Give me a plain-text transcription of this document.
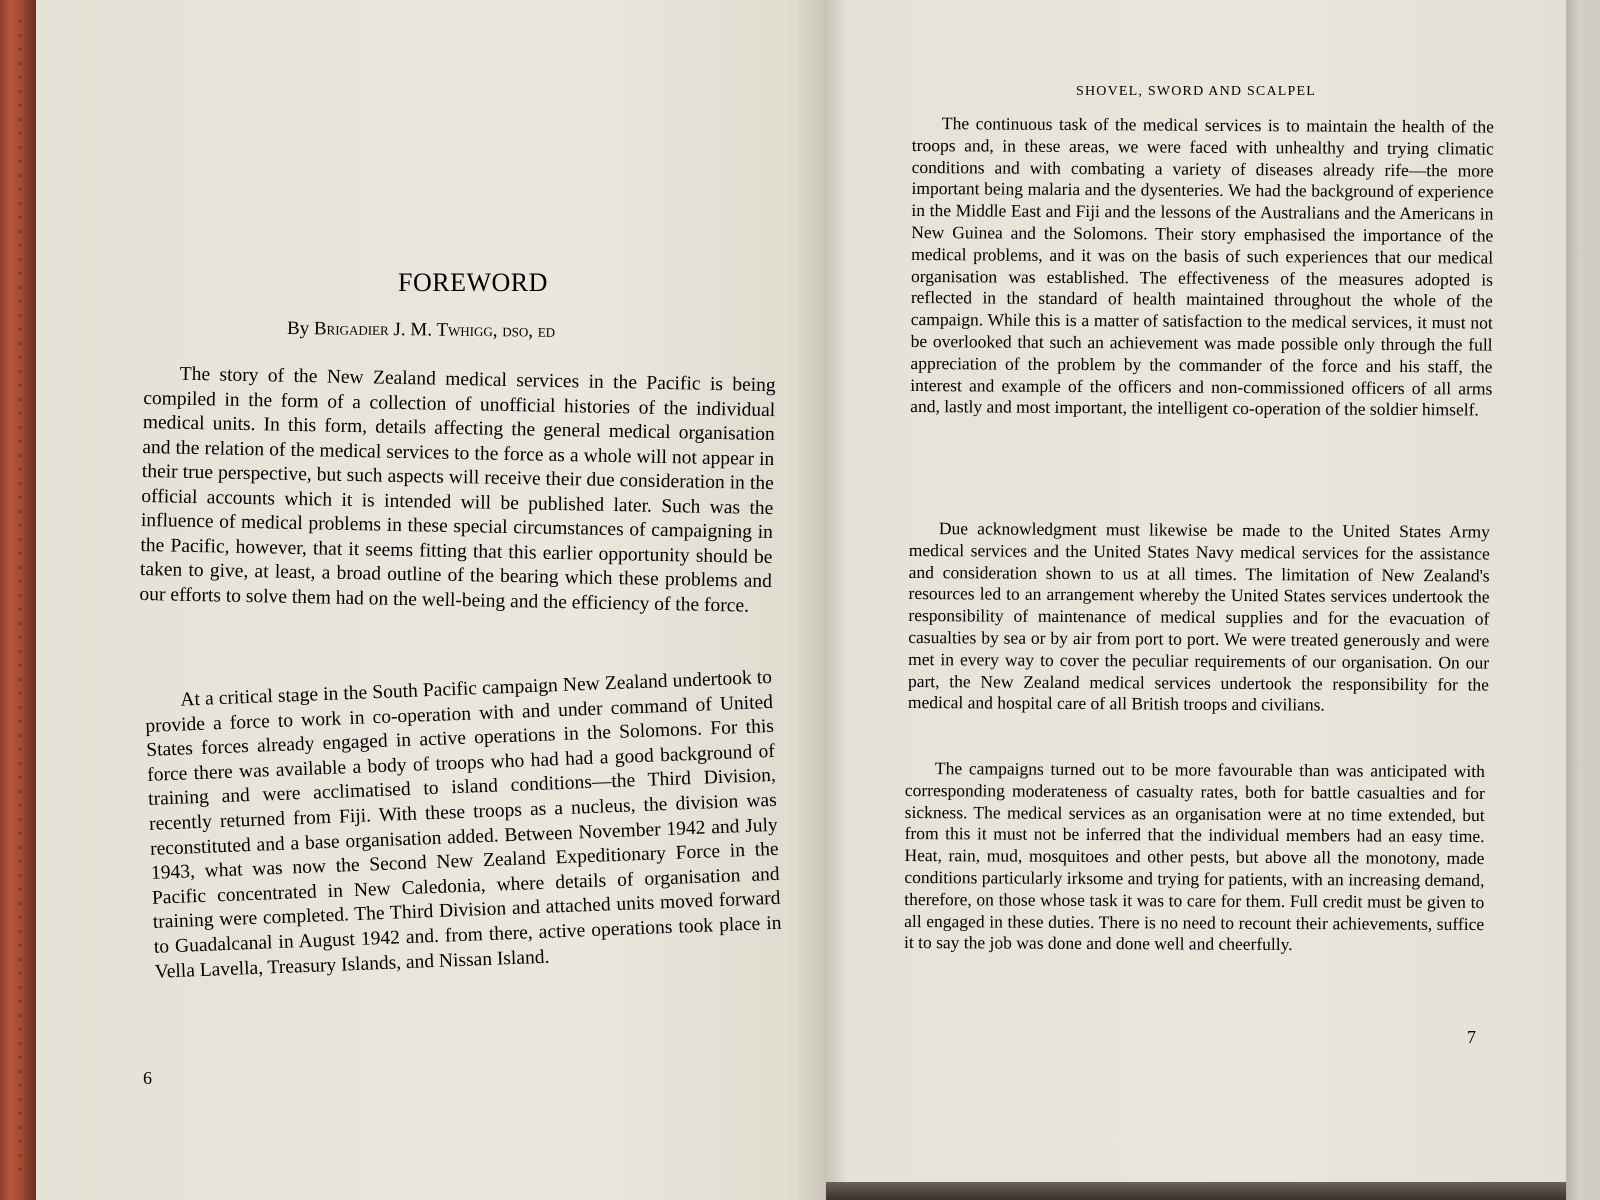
FOREWORD

By Brigadier J. M. Twhigg, dso, ed

The story of the New Zealand medical services in the Pacific is being compiled in the form of a collection of unofficial histories of the individual medical units. In this form, details affecting the general medical organisation and the relation of the medical services to the force as a whole will not appear in their true perspective, but such aspects will receive their due consideration in the official accounts which it is intended will be published later. Such was the influence of medical problems in these special circumstances of campaigning in the Pacific, however, that it seems fitting that this earlier opportunity should be taken to give, at least, a broad outline of the bearing which these problems and our efforts to solve them had on the well-being and the efficiency of the force.

At a critical stage in the South Pacific campaign New Zealand undertook to provide a force to work in co-operation with and under command of United States forces already engaged in active operations in the Solomons. For this force there was available a body of troops who had had a good background of training and were acclimatised to island conditions—the Third Division, recently returned from Fiji. With these troops as a nucleus, the division was reconstituted and a base organisation added. Between November 1942 and July 1943, what was now the Second New Zealand Expeditionary Force in the Pacific concentrated in New Caledonia, where details of organisation and training were completed. The Third Division and attached units moved forward to Guadalcanal in August 1942 and. from there, active operations took place in Vella Lavella, Treasury Islands, and Nissan Island.

6

SHOVEL, SWORD AND SCALPEL

The continuous task of the medical services is to maintain the health of the troops and, in these areas, we were faced with unhealthy and trying climatic conditions and with combating a variety of diseases already rife—the more important being malaria and the dysenteries. We had the background of experience in the Middle East and Fiji and the lessons of the Australians and the Americans in New Guinea and the Solomons. Their story emphasised the importance of the medical problems, and it was on the basis of such experiences that our medical organisation was established. The effectiveness of the measures adopted is reflected in the standard of health maintained throughout the whole of the campaign. While this is a matter of satisfaction to the medical services, it must not be overlooked that such an achievement was made possible only through the full appreciation of the problem by the commander of the force and his staff, the interest and example of the officers and non-commissioned officers of all arms and, lastly and most important, the intelligent co-operation of the soldier himself.

Due acknowledgment must likewise be made to the United States Army medical services and the United States Navy medical services for the assistance and consideration shown to us at all times. The limitation of New Zealand's resources led to an arrangement whereby the United States services undertook the responsibility of maintenance of medical supplies and for the evacuation of casualties by sea or by air from port to port. We were treated generously and were met in every way to cover the peculiar requirements of our organisation. On our part, the New Zealand medical services undertook the responsibility for the medical and hospital care of all British troops and civilians.

The campaigns turned out to be more favourable than was anticipated with corresponding moderateness of casualty rates, both for battle casualties and for sickness. The medical services as an organisation were at no time extended, but from this it must not be inferred that the individual members had an easy time. Heat, rain, mud, mosquitoes and other pests, but above all the monotony, made conditions particularly irksome and trying for patients, with an increasing demand, therefore, on those whose task it was to care for them. Full credit must be given to all engaged in these duties. There is no need to recount their achievements, suffice it to say the job was done and done well and cheerfully.

7
